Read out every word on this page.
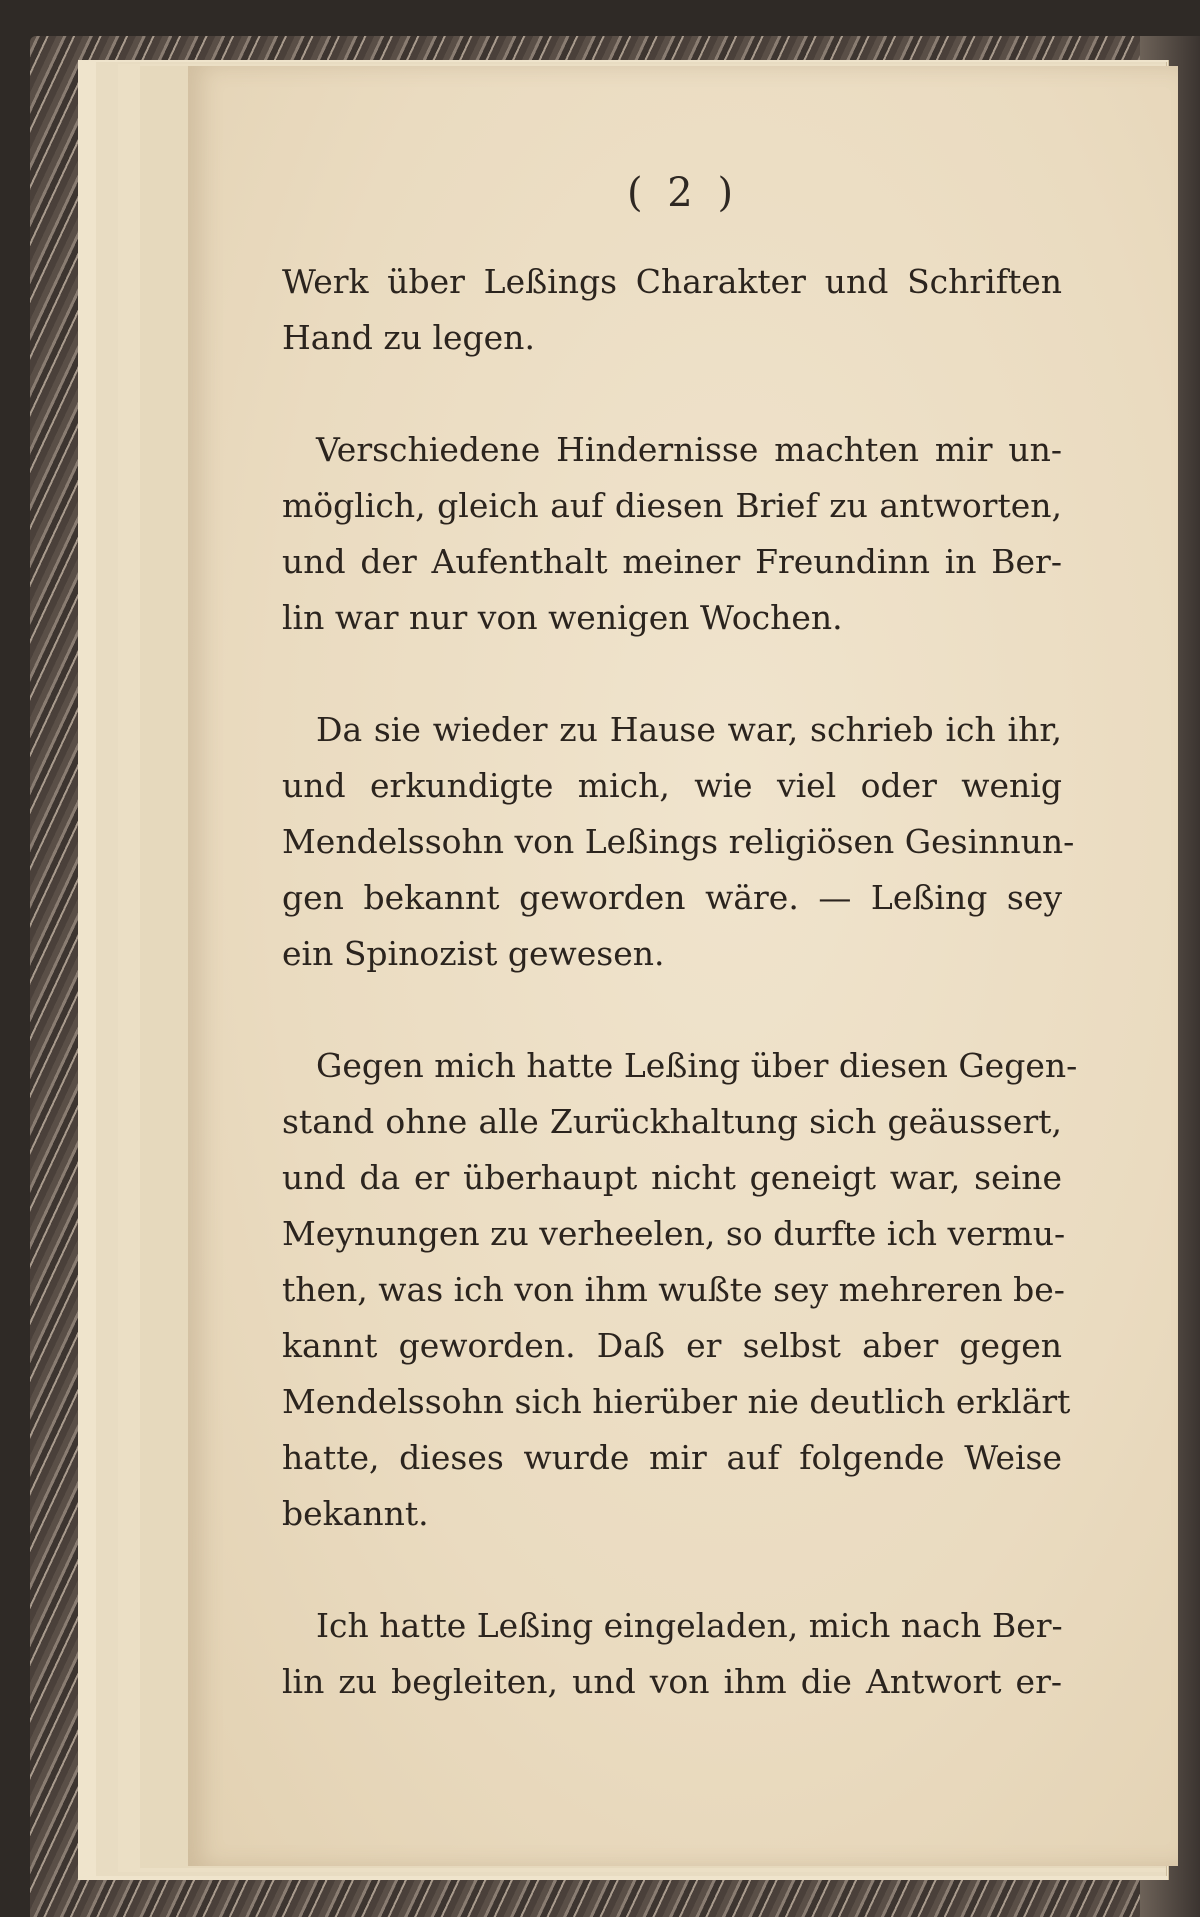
( 2 )
Werk über Leßings Charakter und Schriften
Hand zu legen.
Verschiedene Hindernisse machten mir un-
möglich, gleich auf diesen Brief zu antworten,
und der Aufenthalt meiner Freundinn in Ber-
lin war nur von wenigen Wochen.
Da sie wieder zu Hause war, schrieb ich ihr,
und erkundigte mich, wie viel oder wenig
Mendelssohn von Leßings religiösen Gesinnun-
gen bekannt geworden wäre. — Leßing sey
ein Spinozist gewesen.
Gegen mich hatte Leßing über diesen Gegen-
stand ohne alle Zurückhaltung sich geäussert,
und da er überhaupt nicht geneigt war, seine
Meynungen zu verheelen, so durfte ich vermu-
then, was ich von ihm wußte sey mehreren be-
kannt geworden. Daß er selbst aber gegen
Mendelssohn sich hierüber nie deutlich erklärt
hatte, dieses wurde mir auf folgende Weise
bekannt.
Ich hatte Leßing eingeladen, mich nach Ber-
lin zu begleiten, und von ihm die Antwort er-
